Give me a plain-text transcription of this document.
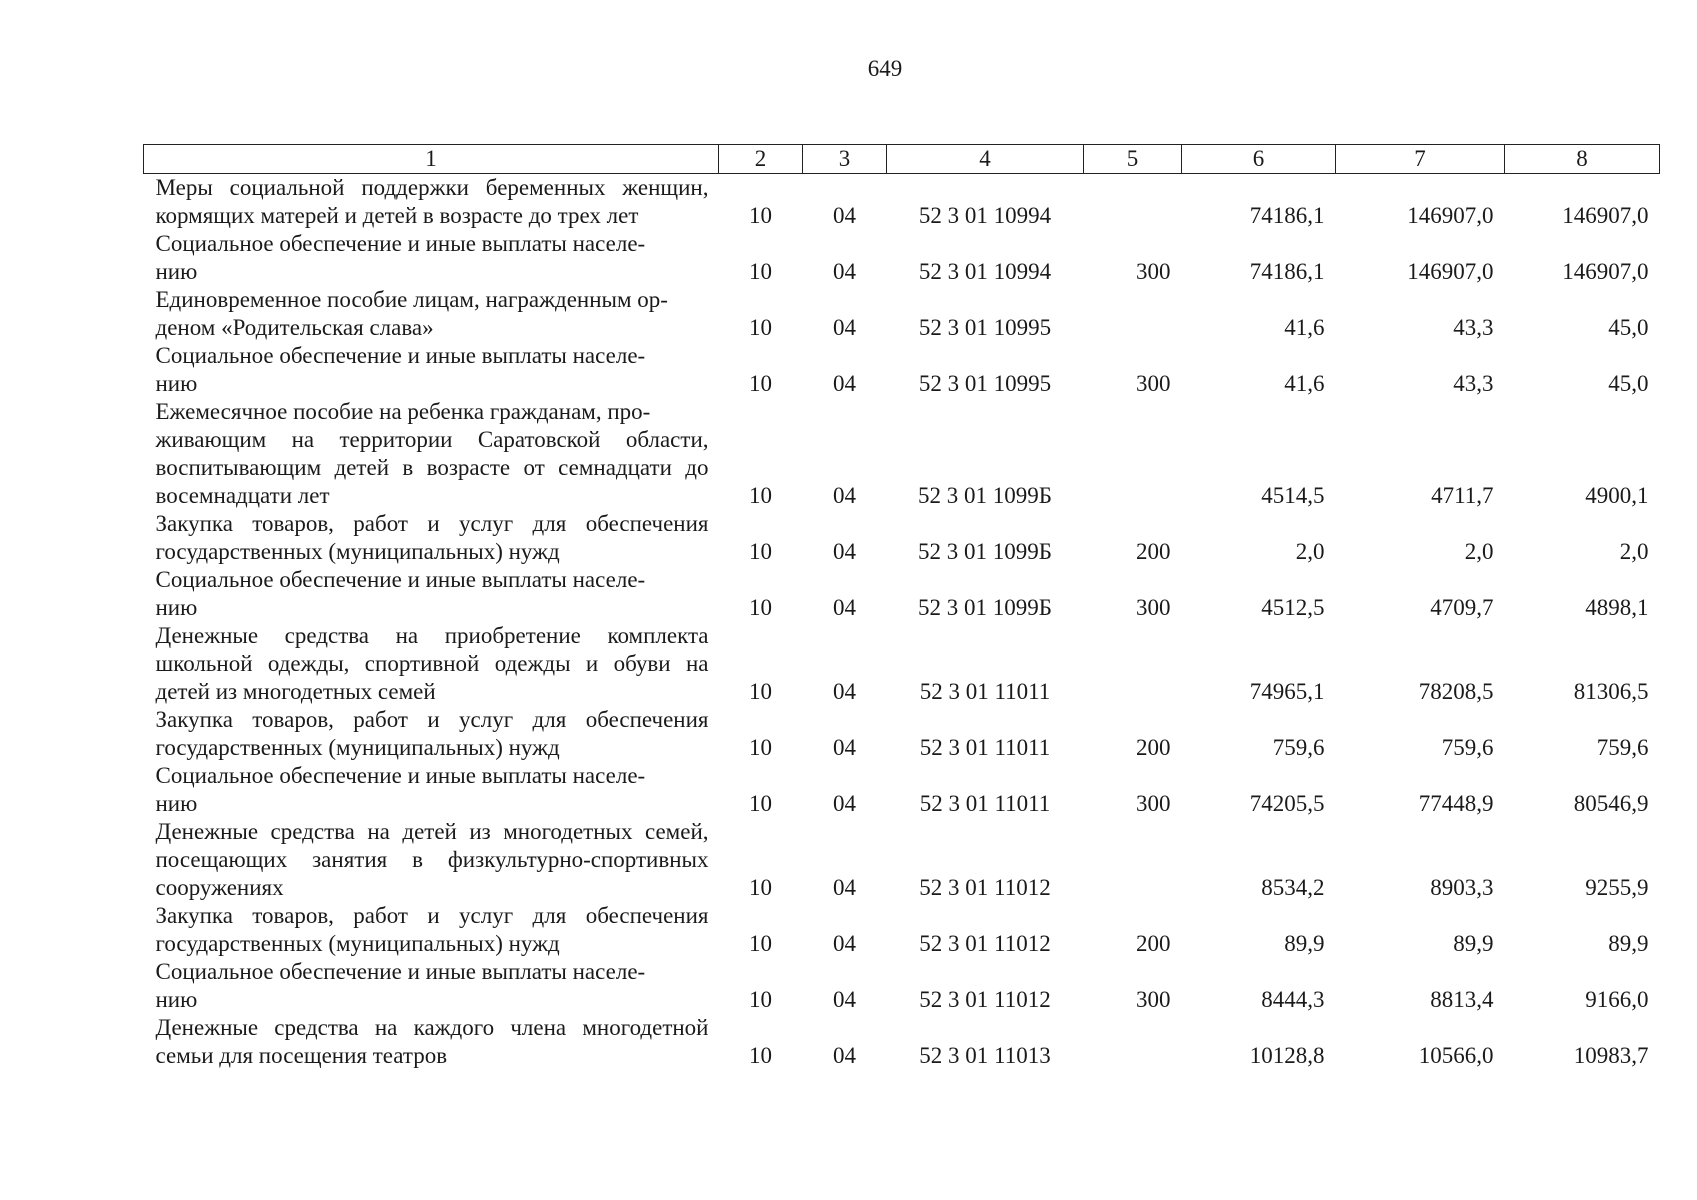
649
1	2	3	4	5	6	7	8
Меры социальной поддержки беременных женщин, кормящих матерей и детей в возрасте до трех лет	10	04	52 3 01 10994		74186,1	146907,0	146907,0
Социальное обеспечение и иные выплаты населе-
нию	10	04	52 3 01 10994	300	74186,1	146907,0	146907,0
Единовременное пособие лицам, награжденным ор-
деном «Родительская слава»	10	04	52 3 01 10995		41,6	43,3	45,0
Социальное обеспечение и иные выплаты населе-
нию	10	04	52 3 01 10995	300	41,6	43,3	45,0
Ежемесячное пособие на ребенка гражданам, про-
живающим на территории Саратовской области, воспитывающим детей в возрасте от семнадцати до восемнадцати лет	10	04	52 3 01 1099Б		4514,5	4711,7	4900,1
Закупка товаров, работ и услуг для обеспечения государственных (муниципальных) нужд	10	04	52 3 01 1099Б	200	2,0	2,0	2,0
Социальное обеспечение и иные выплаты населе-
нию	10	04	52 3 01 1099Б	300	4512,5	4709,7	4898,1
Денежные средства на приобретение комплекта школьной одежды, спортивной одежды и обуви на детей из многодетных семей	10	04	52 3 01 11011		74965,1	78208,5	81306,5
Закупка товаров, работ и услуг для обеспечения государственных (муниципальных) нужд	10	04	52 3 01 11011	200	759,6	759,6	759,6
Социальное обеспечение и иные выплаты населе-
нию	10	04	52 3 01 11011	300	74205,5	77448,9	80546,9
Денежные средства на детей из многодетных семей, посещающих занятия в физкультурно-спортивных сооружениях	10	04	52 3 01 11012		8534,2	8903,3	9255,9
Закупка товаров, работ и услуг для обеспечения государственных (муниципальных) нужд	10	04	52 3 01 11012	200	89,9	89,9	89,9
Социальное обеспечение и иные выплаты населе-
нию	10	04	52 3 01 11012	300	8444,3	8813,4	9166,0
Денежные средства на каждого члена многодетной семьи для посещения театров	10	04	52 3 01 11013		10128,8	10566,0	10983,7
